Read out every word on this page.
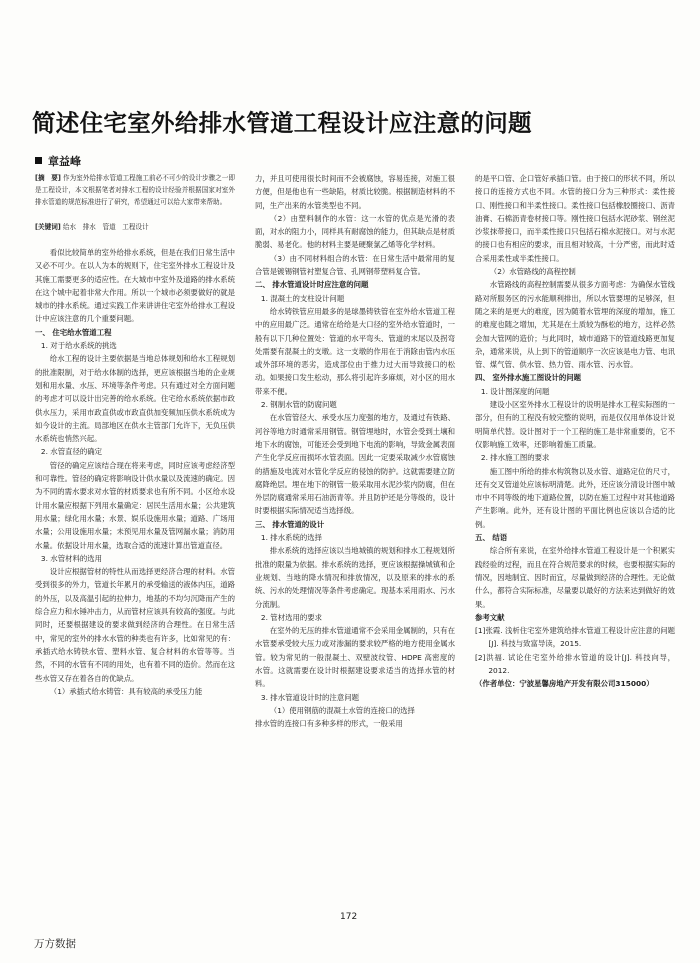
简述住宅室外给排水管道工程设计应注意的问题
章益峰

[摘　要] 作为室外给排水管道工程施工前必不可少的设计步骤之一即是工程设计，本文根据笔者对排水工程的设计经验并根据国家对室外排水管道的规范标准进行了研究，希望通过可以给大家带来帮助。

[关键词] 给水　排水　管道　工程设计

看似比较简单的室外给排水系统，但是在我们日常生活中又必不可少。在以人为本的规则下，住宅室外排水工程设计及其施工需要更多的适应性。在大城市中室外及道路的排水系统在这个城中起着非常大作用。所以一个城市必须要做好的就是城市的排水系统。通过实践工作来讲讲住宅室外给排水工程设计中应该注意的几个重要问题。

一、 住宅给水管道工程

1. 对于给水系统的挑选

给水工程的设计主要依据是当地总体规划和给水工程规划的批准限制，对于给水体制的选择，更应该根据当地的企业规划和用水量、水压、环境等条件考虑。只有通过对全方面问题的考虑才可以设计出完善的给水系统。住宅给水系统依据市政供水压力，采用市政直供或市政直供加变频加压供水系统成为如今设计的主流。局部地区在供水主管部门允许下，无负压供水系统也悄然兴起。

2. 水管直径的确定

管径的确定应该结合现在将来考虑，同时应该考虑经济型和可靠性。管径的确定将影响设计供水量以及流速的确定。因为不同的需水要求对水管的材质要求也有所不同。小区给水设计用水量应根据下列用水量确定：居民生活用水量；公共建筑用水量；绿化用水量；水景、娱乐设施用水量；道路、广场用水量；公用设施用水量；未预见用水量及管网漏水量；消防用水量。依据设计用水量，选取合适的流速计算出管道直径。

3. 水管材料的选用

设计应根据管材的特性从而选择更经济合理的材料。水管受到很多的外力，管道长年累月的承受输送的液体内压，道路的外压，以及高温引起的拉伸力，地基的不均匀沉降而产生的综合应力和水锤冲击力，从而管材应该具有较高的强度。与此同时，还要根据建设的要求做到经济的合理性。在日常生活中，常见的室外的排水水管的种类也有许多，比如常见的有：承插式给水铸铁水管、塑料水管、复合材料的水管等等。当然，不同的水管有不同的用处，也有着不同的造价。然而在这些水管又存在着各自的优缺点。

（1）承插式给水铸管：具有较高的承受压力能

力，并且可使用很长时间而不会被腐蚀，容易连接，对施工很方便，但是他也有一些缺陷，材质比较脆。根据制造材料的不同，生产出来的水管类型也不同。

（2）由塑料制作的水管：这一水管的优点是光滑的表面，对水的阻力小，同样具有耐腐蚀的能力，但其缺点是材质脆弱、易老化。他的材料主要是硬聚氯乙烯等化学材料。

（3）由不同材料组合的水管：在日常生活中最常用的复合管是镀锡钢管衬塑复合管、孔网钢带塑料复合管。

二、 排水管道设计时应注意的问题

1. 混凝土的支柱设计问题

给水铸铁管应用最多的是球墨铸铁管在室外给水管道工程中的应用最广泛。通常在给给是大口径的室外给水管道时，一般有以下几种位置处：管道的水平弯头、管道的末尾以及拐弯处需要有混凝土的支墩。这一支墩的作用在于消除由管内水压或外部环境的恶劣，造成部位由于推力过大而导致接口的松动。如果接口发生松动，那么将引起许多麻烦，对小区的用水带来不便。

2. 钢制水管的防腐问题

在水管管径大、承受水压力度强的地方，及通过有铁路、河谷等地方时通常采用钢管。钢管埋地时，水管会受到土壤和地下水的腐蚀，可能还会受到地下电流的影响，导致金属表面产生化学反应而损坏水管表面。因此一定要采取减少水管腐蚀的措施及电流对水管化学反应的侵蚀的防护。这就需要建立防腐降绝层。埋在地下的钢管一般采取用水泥沙浆内防腐，但在外层防腐通常采用石油沥青等。并且防护还是分等级的，设计时要根据实际情况适当选择级。

三、 排水管道的设计

1. 排水系统的选择

排水系统的选择应该以当地城镇的规划和排水工程规划所批准的限量为依据。排水系统的选择，更应该根据操城镇和企业规划、当地的降水情况和排放情况，以及原来的排水的系统、污水的处理情况等条件考虑确定。现基本采用雨水、污水分流制。

2. 管材选用的要求

在室外的无压的排水管道通常不会采用金属制的，只有在水管要承受较大压力或对渗漏的要求较严格的地方使用金属水管。较为常见的一般混凝土、双壁波纹管、HDPE 高密度的水管。这就需要在设计时根据建设要求适当的选择水管的材料。

3. 排水管道设计时的注意问题

（1）使用钢筋的混凝土水管的连接口的选择

排水管的连接口有多种多样的形式，一般采用

的是平口管、企口管好承插口管。由于接口的形状不同，所以接口的连接方式也不同。水管的接口分为三种形式：柔性接口、刚性接口和半柔性接口。柔性接口包括橡胶圈接口、沥青油膏、石棉沥青卷材接口等。刚性接口包括水泥砂浆、钢丝泥沙浆抹带接口，而半柔性接口只包括石棉水泥接口。对与水泥的接口也有相应的要求，而且相对较高，十分严密，而此时适合采用柔性或半柔性接口。

（2）水管路线的高程控制

水管路线的高程控制需要从很多方面考虑：为确保水管线路对所服务区的污水能顺利排出，所以水管要埋的足够深，但随之来的是更大的难度，因为随着水管埋的深度的增加，施工的难度也随之增加，尤其是在土质较为酥松的地方，这样必然会加大管网的造价；与此同时，城市道路下的管道线路更加复杂，通常来说，从上到下的管道顺序一次应该是电力管、电讯管、煤气管、供水管、热力管、雨水管、污水管。

四、 室外排水施工图设计的问题

1. 设计图深度的问题

建设小区室外排水工程设计的说明是排水工程实际图的一部分，但有的工程没有较完整的说明，而是仅仅用单体设计说明简单代替。设计图对于一个工程的施工是非常重要的，它不仅影响施工效率，还影响着施工质量。

2. 排水施工图的要求

施工图中所给的排水构筑物以及水管、道路定位的尺寸，还有交叉管道处应该标明清楚。此外，还应该分清设计图中城市中不同等级的地下道路位置，以防在施工过程中对其他道路产生影响。此外，还有设计图的平面比例也应该以合适的比例。

五、 结语

综合所有来说，在室外给排水管道工程设计是一个积累实践经验的过程，而且在符合规范要求的时候，也要根据实际的情况，因地制宜、因时而宜，尽量做到经济的合理性。无论做什么，都符合实际标准，尽量要以最好的方法来达到做好的效果。

参考文献

[1]张霞. 浅析住宅室外建筑给排水管道工程设计应注意的问题[J]. 科技与致富导读，2015.

[2]洪福. 试论住宅室外给排水管道的设计[J]. 科技向导，2012.

（作者单位：宁波星馨房地产开发有限公司315000）

172
万方数据
